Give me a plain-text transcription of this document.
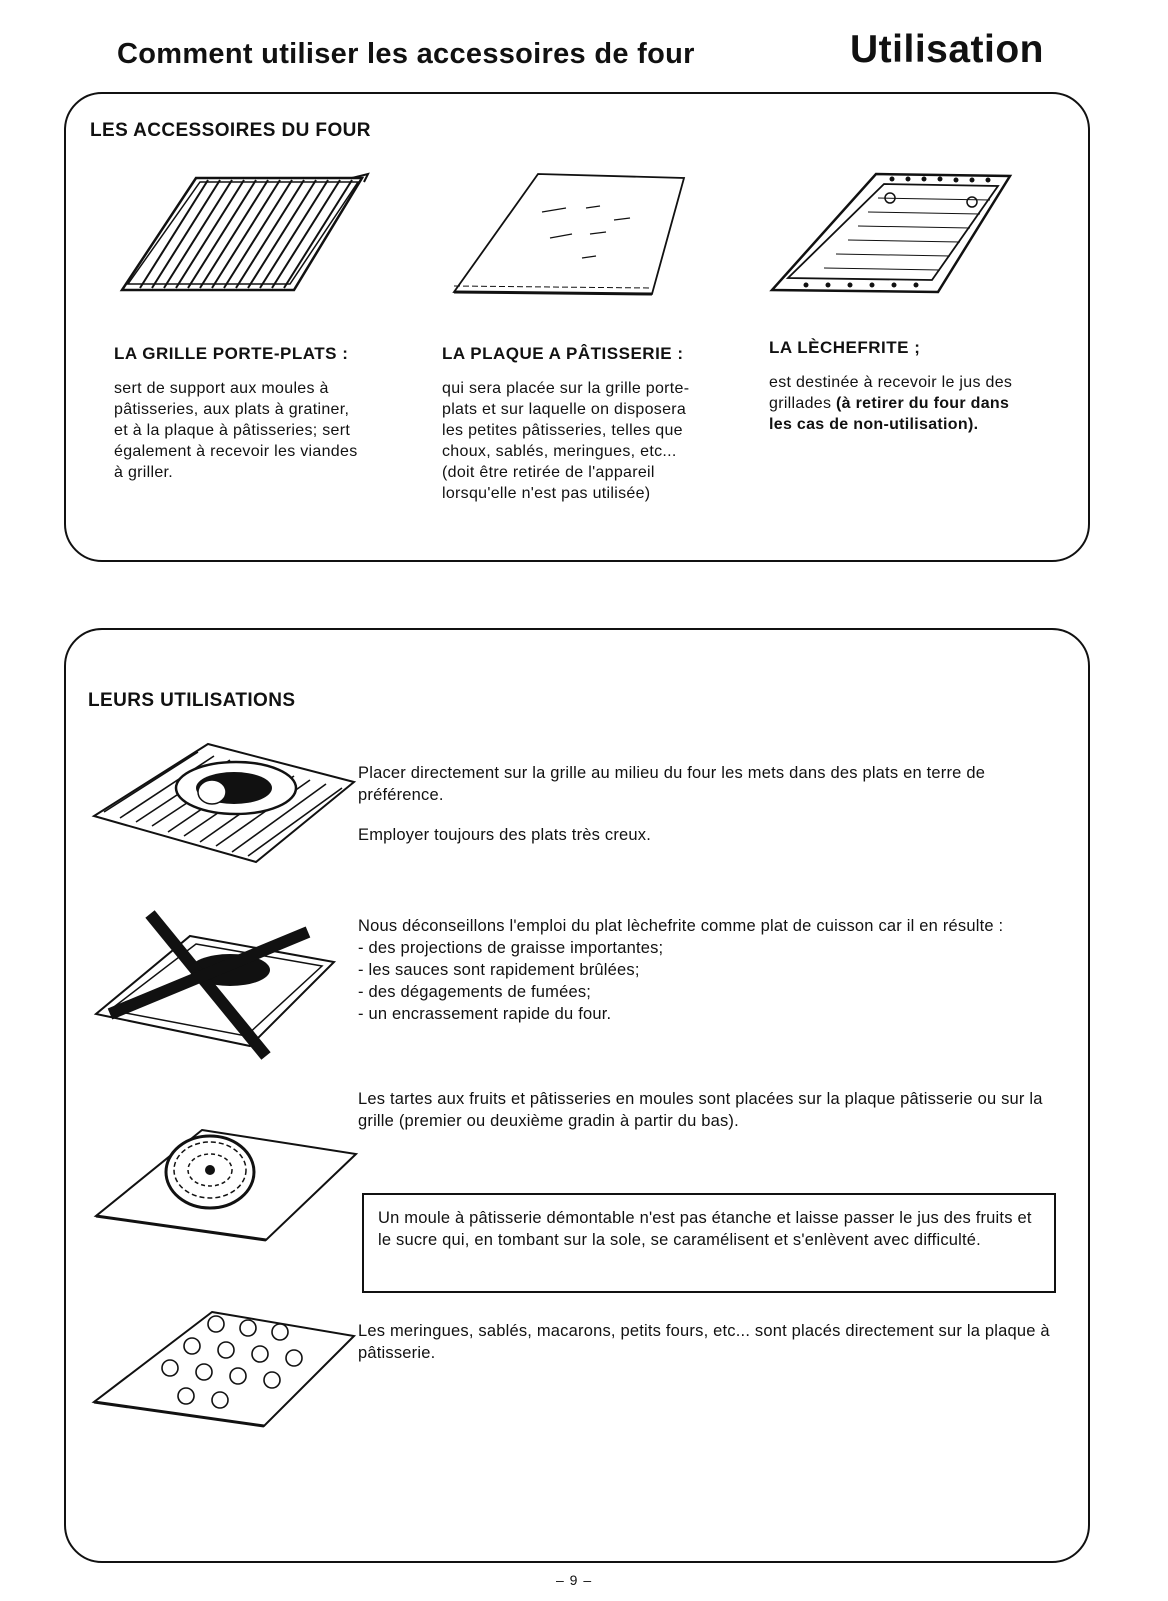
Comment utiliser les accessoires de four	Utilisation
LES ACCESSOIRES DU FOUR
LA GRILLE PORTE-PLATS :
sert de support aux moules à pâtisseries, aux plats à gratiner, et à la plaque à pâtisseries; sert également à recevoir les viandes à griller.
LA PLAQUE A PÂTISSERIE :
qui sera placée sur la grille porte-plats et sur laquelle on disposera les petites pâtisseries, telles que choux, sablés, meringues, etc... (doit être retirée de l'appareil lorsqu'elle n'est pas utilisée)
LA LÈCHEFRITE ;
est destinée à recevoir le jus des grillades (à retirer du four dans les cas de non-utilisation).
LEURS UTILISATIONS

Placer directement sur la grille au milieu du four les mets dans des plats en terre de préférence.

Employer toujours des plats très creux.

Nous déconseillons l'emploi du plat lèchefrite comme plat de cuisson car il en résulte :
- des projections de graisse importantes;
- les sauces sont rapidement brûlées;
- des dégagements de fumées;
- un encrassement rapide du four.

Les tartes aux fruits et pâtisseries en moules sont placées sur la plaque pâtisserie ou sur la grille (premier ou deuxième gradin à partir du bas).

Un moule à pâtisserie démontable n'est pas étanche et laisse passer le jus des fruits et le sucre qui, en tombant sur la sole, se caramélisent et s'enlèvent avec difficulté.

Les meringues, sablés, macarons, petits fours, etc... sont placés directement sur la plaque à pâtisserie.

– 9 –
